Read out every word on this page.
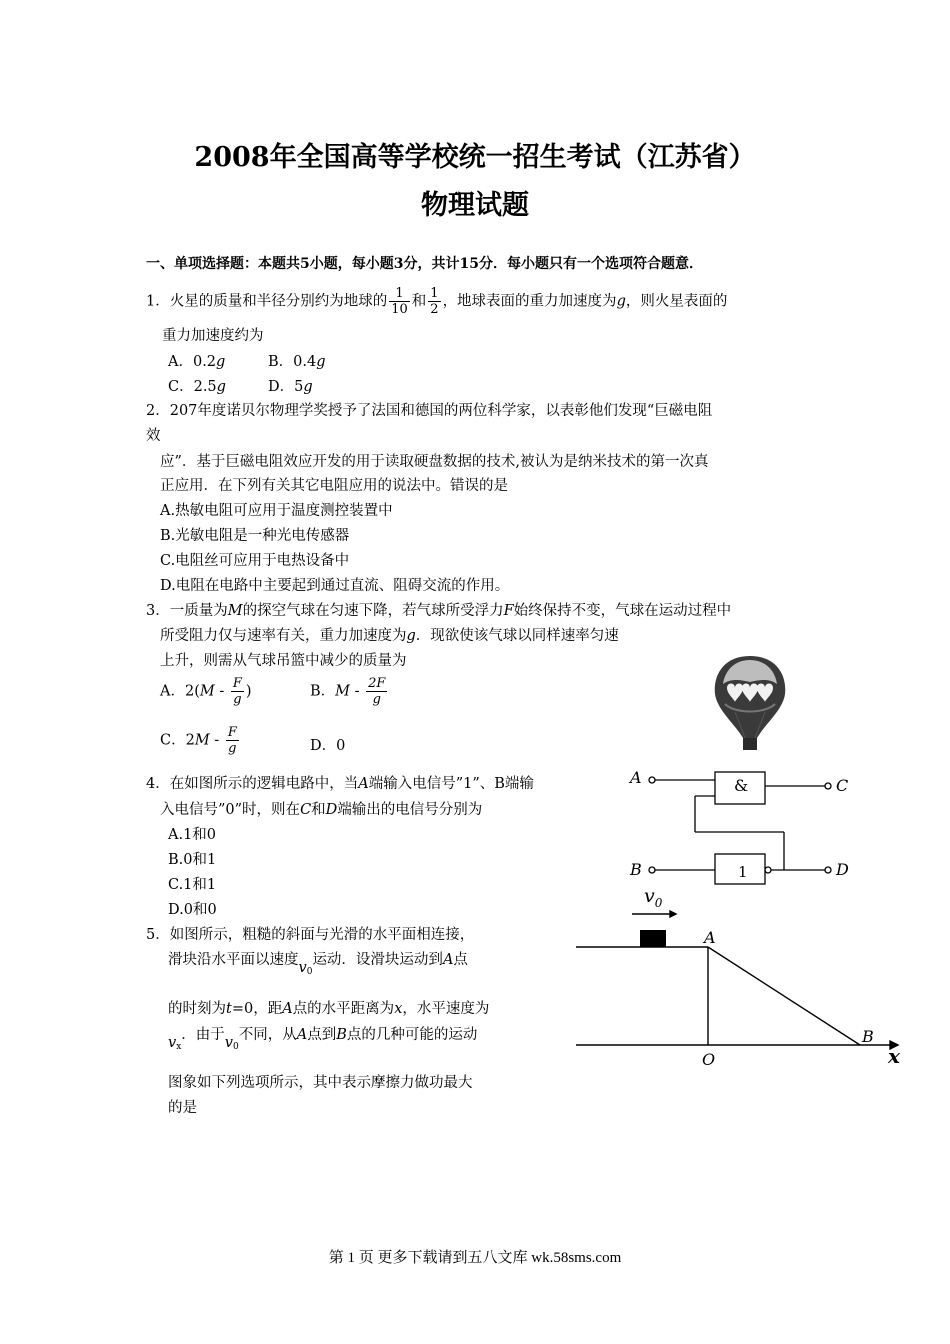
2008年全国高等学校统一招生考试（江苏省）
物理试题
一、单项选择题：本题共5小题，每小题3分，共计15分．每小题只有一个选项符合题意．
1．火星的质量和半径分别约为地球的 $\frac{1}{10}$ 和 $\frac{1}{2}$ ，地球表面的重力加速度为g，则火星表面的
重力加速度约为
A．0.2g	B．0.4g
C．2.5g	D．5g
2．207年度诺贝尔物理学奖授予了法国和德国的两位科学家，以表彰他们发现“巨磁电阻
效
应”．基于巨磁电阻效应开发的用于读取硬盘数据的技术,被认为是纳米技术的第一次真
正应用．在下列有关其它电阻应用的说法中。错误的是
A.热敏电阻可应用于温度测控装置中
B.光敏电阻是一种光电传感器
C.电阻丝可应用于电热设备中
D.电阻在电路中主要起到通过直流、阻碍交流的作用。
3．一质量为M的探空气球在匀速下降，若气球所受浮力F始终保持不变，气球在运动过程中
所受阻力仅与速率有关，重力加速度为g．现欲使该气球以同样速率匀速
上升，则需从气球吊篮中减少的质量为
A．$2(M - \frac{F}{g}$ )	B．M - $\frac{2F}{g}$
C．$2M - \frac{F}{g}$	D．0
4．在如图所示的逻辑电路中，当A端输入电信号”1”、B端输
入电信号”0”时，则在C和D端输出的电信号分别为
A.1和0
B.0和1
C.1和1
D.0和0
A	&	C
B	1	D
5．如图所示，粗糙的斜面与光滑的水平面相连接，
滑块沿水平面以速度$v_0$运动．设滑块运动到A点
的时刻为t=0，距A点的水平距离为x，水平速度为
$v_x$．由于$v_0$不同，从A点到B点的几种可能的运动
图象如下列选项所示，其中表示摩擦力做功最大
的是
$v_0$
A
B
O	x
第 1 页 更多下载请到五八文库 wk.58sms.com
